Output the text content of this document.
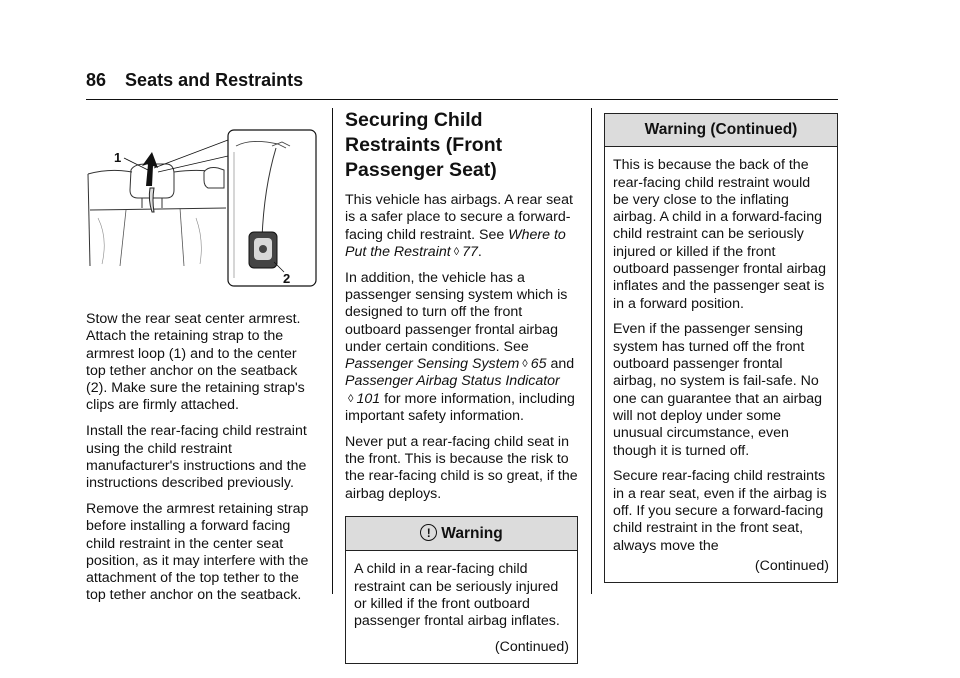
86 Seats and Restraints
1
2

Stow the rear seat center armrest. Attach the retaining strap to the armrest loop (1) and to the center top tether anchor on the seatback (2). Make sure the retaining strap's clips are firmly attached.

Install the rear-facing child restraint using the child restraint manufacturer's instructions and the instructions described previously.

Remove the armrest retaining strap before installing a forward facing child restraint in the center seat position, as it may interfere with the attachment of the top tether to the top tether anchor on the seatback.

Securing Child Restraints (Front Passenger Seat)

This vehicle has airbags. A rear seat is a safer place to secure a forward-facing child restraint. See Where to Put the Restraint ◊ 77.

In addition, the vehicle has a passenger sensing system which is designed to turn off the front outboard passenger frontal airbag under certain conditions. See Passenger Sensing System ◊ 65 and Passenger Airbag Status Indicator◊ 101 for more information, including important safety information.

Never put a rear-facing child seat in the front. This is because the risk to the rear-facing child is so great, if the airbag deploys.

! Warning

A child in a rear-facing child restraint can be seriously injured or killed if the front outboard passenger frontal airbag inflates.

(Continued)

Warning (Continued)

This is because the back of the rear-facing child restraint would be very close to the inflating airbag. A child in a forward-facing child restraint can be seriously injured or killed if the front outboard passenger frontal airbag inflates and the passenger seat is in a forward position.

Even if the passenger sensing system has turned off the front outboard passenger frontal airbag, no system is fail-safe. No one can guarantee that an airbag will not deploy under some unusual circumstance, even though it is turned off.

Secure rear-facing child restraints in a rear seat, even if the airbag is off. If you secure a forward-facing child restraint in the front seat, always move the

(Continued)
